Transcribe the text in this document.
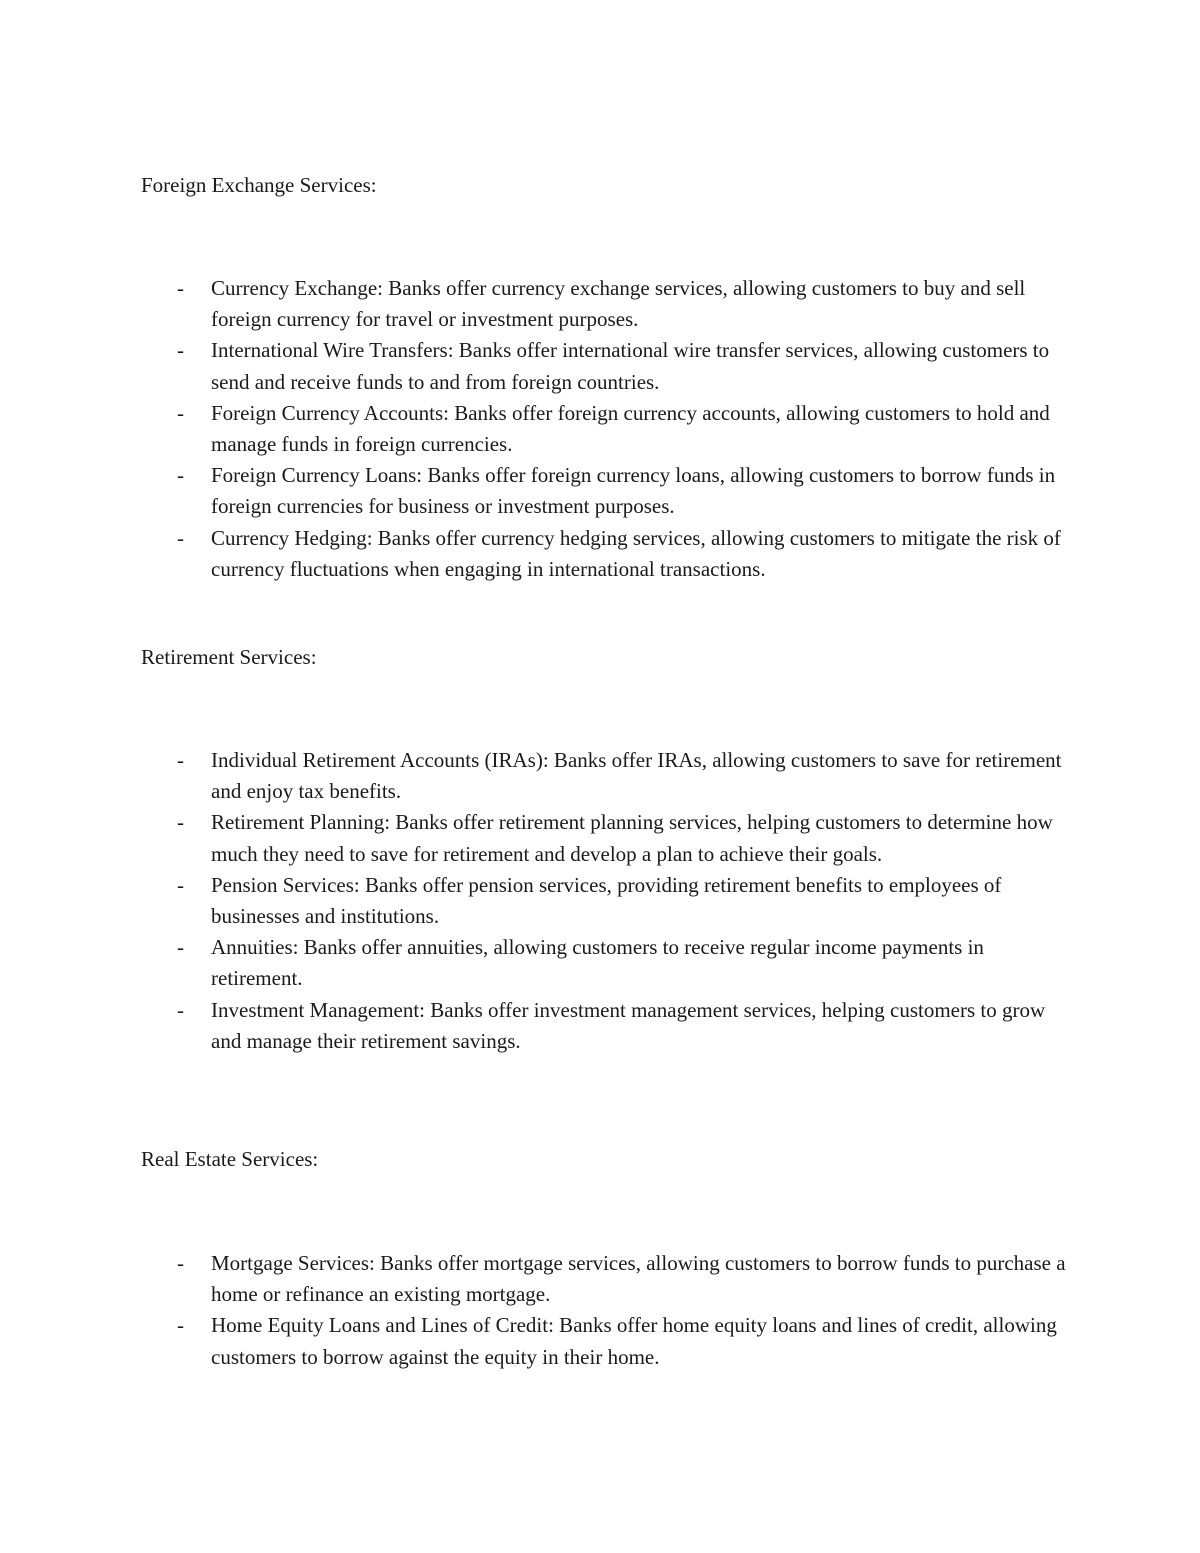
Foreign Exchange Services:
- Currency Exchange: Banks offer currency exchange services, allowing customers to buy and sell foreign currency for travel or investment purposes.
- International Wire Transfers: Banks offer international wire transfer services, allowing customers to send and receive funds to and from foreign countries.
- Foreign Currency Accounts: Banks offer foreign currency accounts, allowing customers to hold and manage funds in foreign currencies.
- Foreign Currency Loans: Banks offer foreign currency loans, allowing customers to borrow funds in foreign currencies for business or investment purposes.
- Currency Hedging: Banks offer currency hedging services, allowing customers to mitigate the risk of currency fluctuations when engaging in international transactions.
Retirement Services:
- Individual Retirement Accounts (IRAs): Banks offer IRAs, allowing customers to save for retirement and enjoy tax benefits.
- Retirement Planning: Banks offer retirement planning services, helping customers to determine how much they need to save for retirement and develop a plan to achieve their goals.
- Pension Services: Banks offer pension services, providing retirement benefits to employees of businesses and institutions.
- Annuities: Banks offer annuities, allowing customers to receive regular income payments in retirement.
- Investment Management: Banks offer investment management services, helping customers to grow and manage their retirement savings.
Real Estate Services:
- Mortgage Services: Banks offer mortgage services, allowing customers to borrow funds to purchase a home or refinance an existing mortgage.
- Home Equity Loans and Lines of Credit: Banks offer home equity loans and lines of credit, allowing customers to borrow against the equity in their home.
